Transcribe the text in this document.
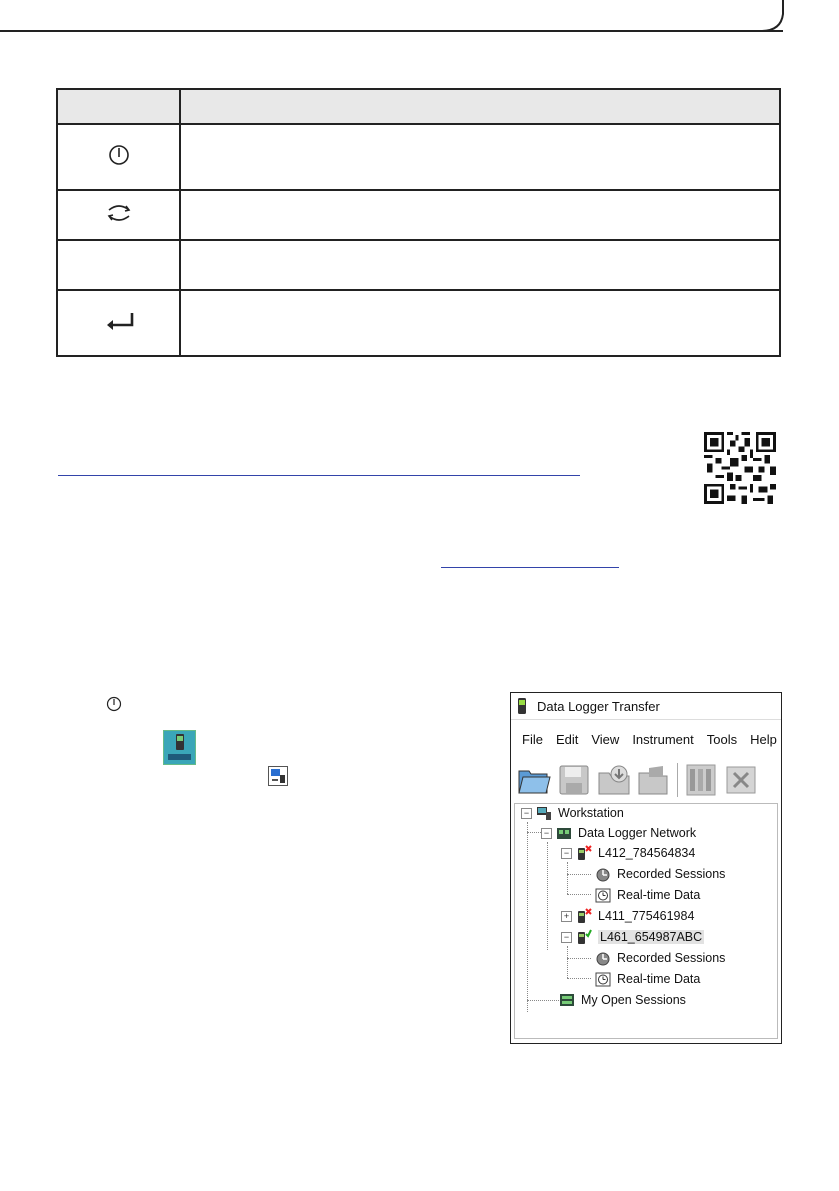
Data Logger Transfer
File Edit View Instrument Tools Help
− Workstation
− Data Logger Network
− L412_784564834
Recorded Sessions
Real-time Data
+ L411_775461984
− L461_654987ABC
Recorded Sessions
Real-time Data
My Open Sessions
